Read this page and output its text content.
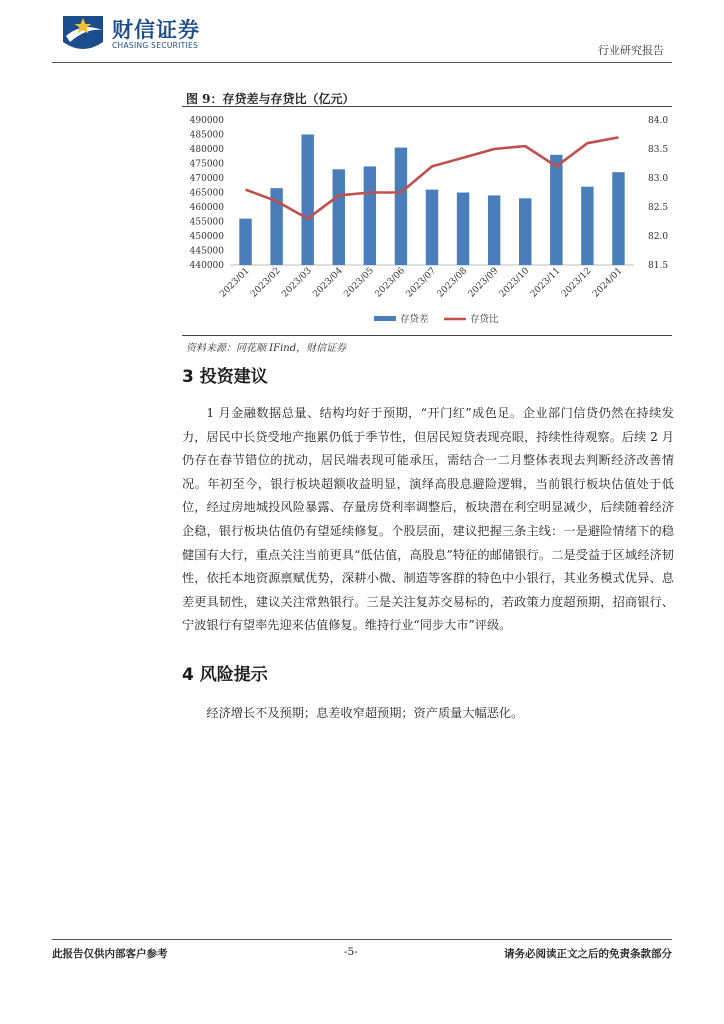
财信证券
CHASING SECURITIES	行业研究报告
图 9：存贷差与存贷比（亿元）
440000
445000
450000
455000
460000
465000
470000
475000
480000
485000
490000
81.5
82.0
82.5
83.0
83.5
84.0
2023/01
2023/02
2023/03
2023/04
2023/05
2023/06
2023/07
2023/08
2023/09
2023/10
2023/11
2023/12
2024/01
存贷差	存贷比
资料来源：同花顺 IFind，财信证券
3 投资建议

1 月金融数据总量、结构均好于预期，“开门红”成色足。企业部门信贷仍然在持续发力，居民中长贷受地产拖累仍低于季节性，但居民短贷表现亮眼，持续性待观察。后续 2 月仍存在春节错位的扰动，居民端表现可能承压，需结合一二月整体表现去判断经济改善情况。年初至今，银行板块超额收益明显，演绎高股息避险逻辑，当前银行板块估值处于低位，经过房地城投风险暴露、存量房贷利率调整后，板块潜在利空明显减少，后续随着经济企稳，银行板块估值仍有望延续修复。个股层面，建议把握三条主线：一是避险情绪下的稳健国有大行，重点关注当前更具“低估值，高股息”特征的邮储银行。二是受益于区域经济韧性，依托本地资源禀赋优势，深耕小微、制造等客群的特色中小银行，其业务模式优异、息差更具韧性，建议关注常熟银行。三是关注复苏交易标的，若政策力度超预期，招商银行、宁波银行有望率先迎来估值修复。维持行业“同步大市”评级。

4 风险提示

经济增长不及预期；息差收窄超预期；资产质量大幅恶化。

此报告仅供内部客户参考	-5-	请务必阅读正文之后的免责条款部分
